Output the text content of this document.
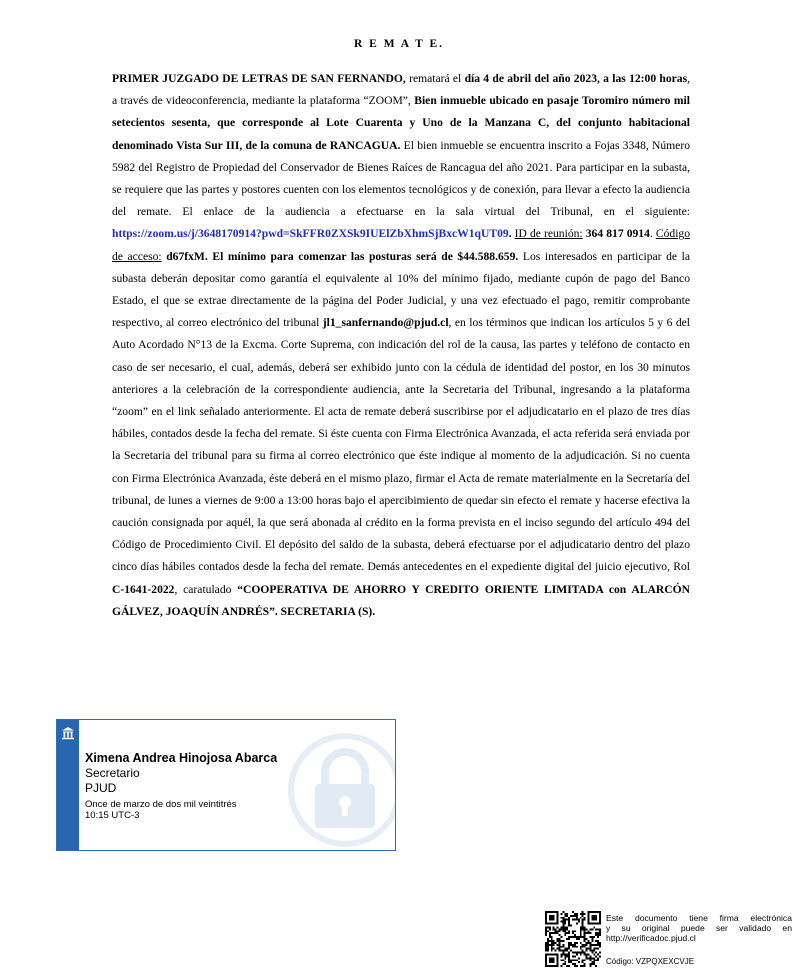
R E M A T E.
PRIMER JUZGADO DE LETRAS DE SAN FERNANDO, rematará el día 4 de abril del año 2023, a las 12:00 horas, a través de videoconferencia, mediante la plataforma “ZOOM”, Bien inmueble ubicado en pasaje Toromiro número mil setecientos sesenta, que corresponde al Lote Cuarenta y Uno de la Manzana C, del conjunto habitacional denominado Vista Sur III, de la comuna de RANCAGUA. El bien inmueble se encuentra inscrito a Fojas 3348, Número 5982 del Registro de Propiedad del Conservador de Bienes Raíces de Rancagua del año 2021. Para participar en la subasta, se requiere que las partes y postores cuenten con los elementos tecnológicos y de conexión, para llevar a efecto la audiencia del remate. El enlace de la audiencia a efectuarse en la sala virtual del Tribunal, en el siguiente: https://zoom.us/j/3648170914?pwd=SkFFR0ZXSk9IUElZbXhmSjBxcW1qUT09. ID de reunión: 364 817 0914. Código de acceso: d67fxM. El mínimo para comenzar las posturas será de $44.588.659. Los interesados en participar de la subasta deberán depositar como garantía el equivalente al 10% del mínimo fijado, mediante cupón de pago del Banco Estado, el que se extrae directamente de la página del Poder Judicial, y una vez efectuado el pago, remitir comprobante respectivo, al correo electrónico del tribunal jl1_sanfernando@pjud.cl, en los términos que indican los artículos 5 y 6 del Auto Acordado N°13 de la Excma. Corte Suprema, con indicación del rol de la causa, las partes y teléfono de contacto en caso de ser necesario, el cual, además, deberá ser exhibido junto con la cédula de identidad del postor, en los 30 minutos anteriores a la celebración de la correspondiente audiencia, ante la Secretaria del Tribunal, ingresando a la plataforma “zoom” en el link señalado anteriormente. El acta de remate deberá suscribirse por el adjudicatario en el plazo de tres días hábiles, contados desde la fecha del remate. Si éste cuenta con Firma Electrónica Avanzada, el acta referida será enviada por la Secretaria del tribunal para su firma al correo electrónico que éste indique al momento de la adjudicación. Si no cuenta con Firma Electrónica Avanzada, éste deberá en el mismo plazo, firmar el Acta de remate materialmente en la Secretaría del tribunal, de lunes a viernes de 9:00 a 13:00 horas bajo el apercibimiento de quedar sin efecto el remate y hacerse efectiva la caución consignada por aquél, la que será abonada al crédito en la forma prevista en el inciso segundo del artículo 494 del Código de Procedimiento Civil. El depósito del saldo de la subasta, deberá efectuarse por el adjudicatario dentro del plazo cinco días hábiles contados desde la fecha del remate. Demás antecedentes en el expediente digital del juicio ejecutivo, Rol C-1641-2022, caratulado “COOPERATIVA DE AHORRO Y CREDITO ORIENTE LIMITADA con ALARCÓN GÁLVEZ, JOAQUÍN ANDRÉS”. SECRETARIA (S).
Ximena Andrea Hinojosa Abarca
Secretario
PJUD
Once de marzo de dos mil veintitrés
10:15 UTC-3
Este documento tiene firma electrónica
y su original puede ser validado en
http://verificadoc.pjud.cl
Código: VZPQXEXCVJE
